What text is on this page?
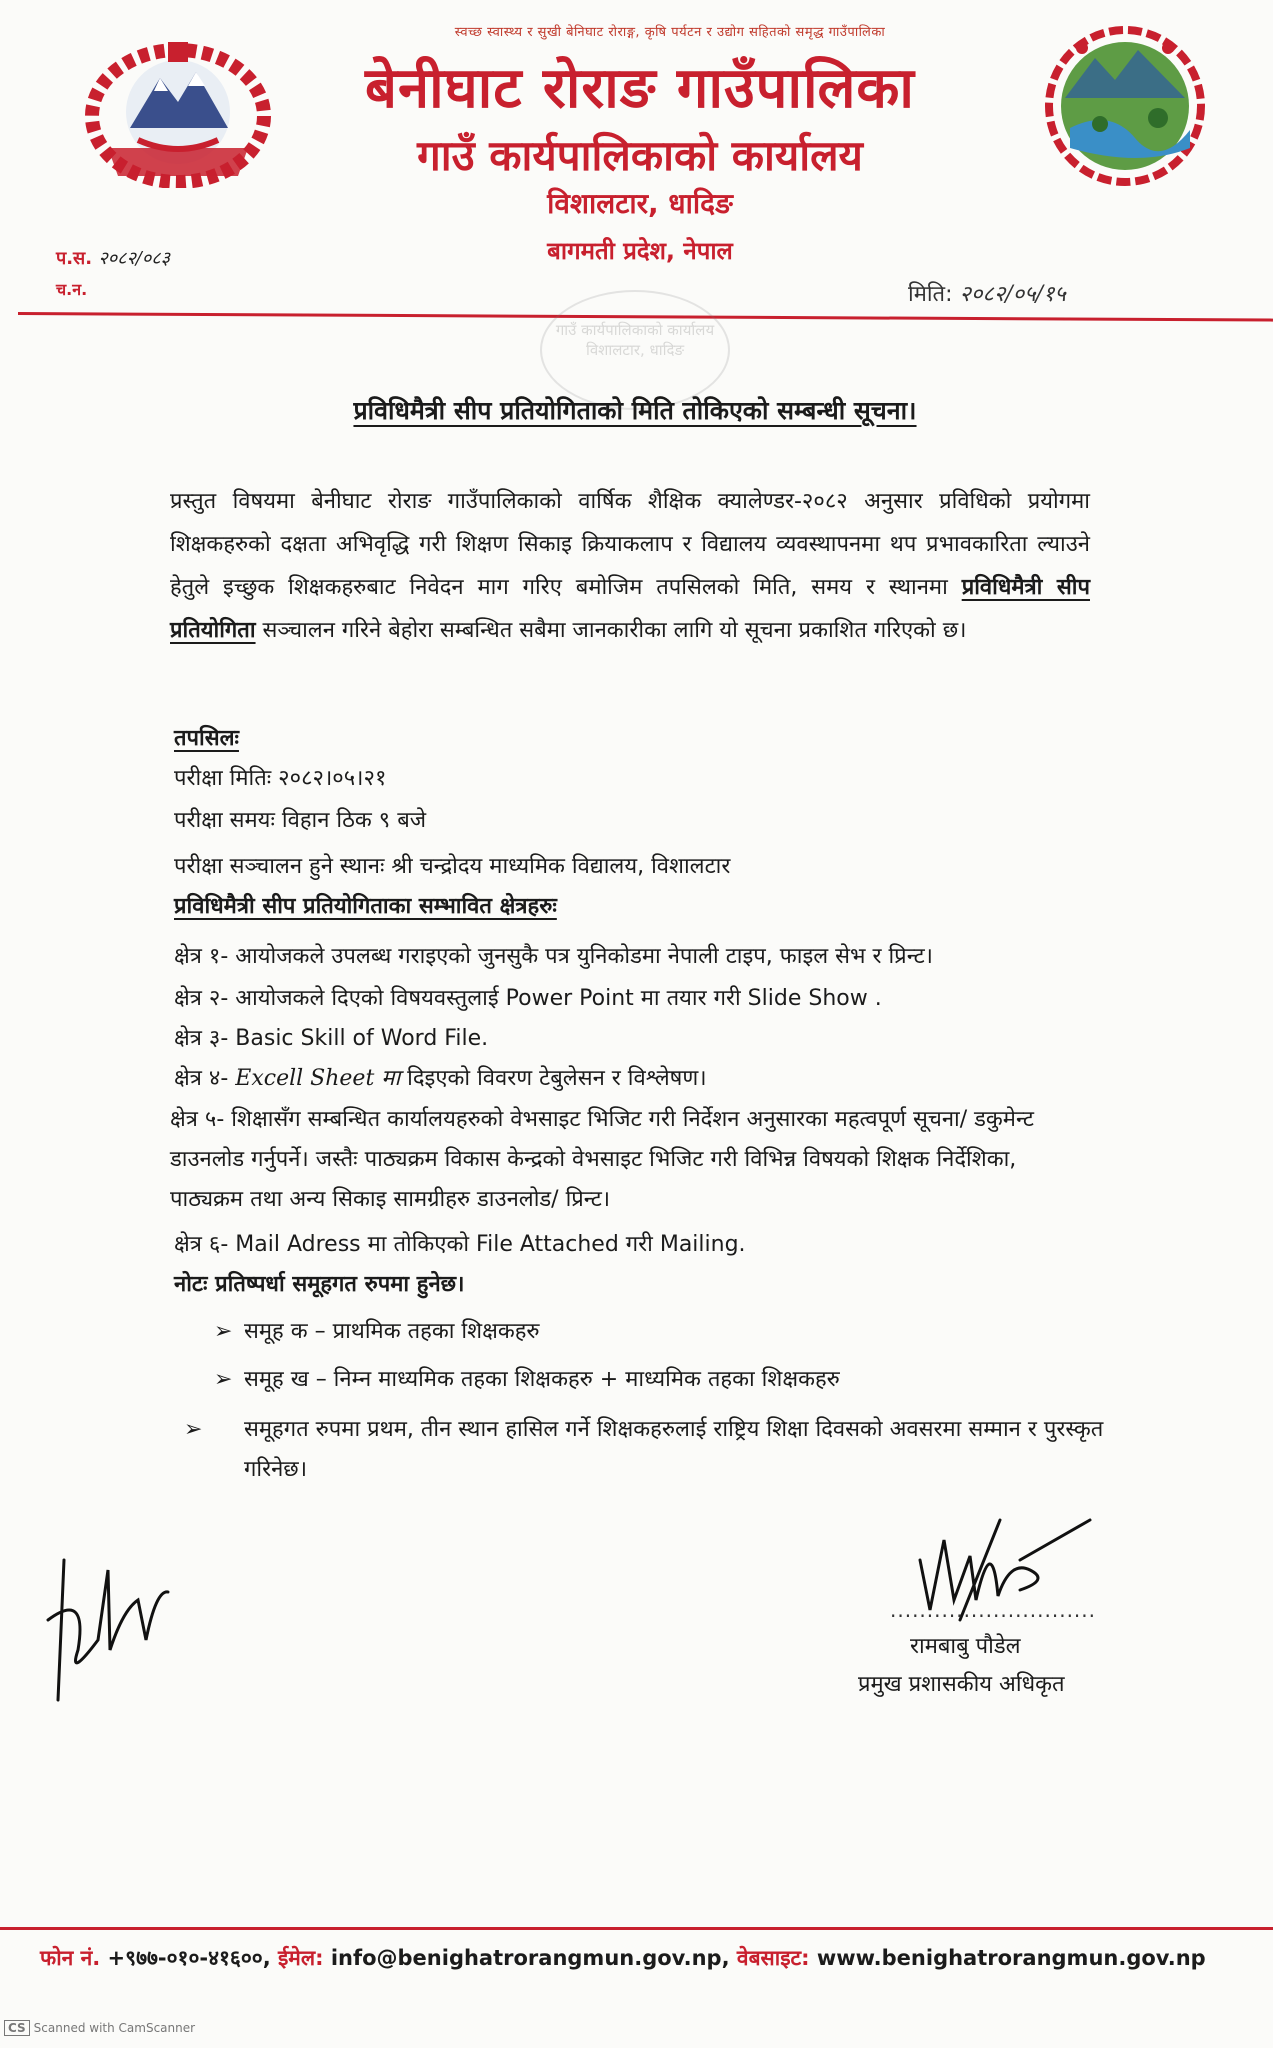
स्वच्छ स्वास्थ्य र सुखी बेनिघाट रोराङ्ग, कृषि पर्यटन र उद्योग सहितको समृद्ध गाउँपालिका
बेनीघाट रोराङ गाउँपालिका
गाउँ कार्यपालिकाको कार्यालय
विशालटार, धादिङ
बागमती प्रदेश, नेपाल
प.स. २०८२/०८३
च.न.	मिति: २०८२/०५/१५
गाउँ कार्यपालिकाको कार्यालय विशालटार, धादिङ
प्रविधिमैत्री सीप प्रतियोगिताको मिति तोकिएको सम्बन्धी सूचना।
प्रस्तुत विषयमा बेनीघाट रोराङ गाउँपालिकाको वार्षिक शैक्षिक क्यालेण्डर-२०८२ अनुसार प्रविधिको प्रयोगमा शिक्षकहरुको दक्षता अभिवृद्धि गरी शिक्षण सिकाइ क्रियाकलाप र विद्यालय व्यवस्थापनमा थप प्रभावकारिता ल्याउने हेतुले इच्छुक शिक्षकहरुबाट निवेदन माग गरिए बमोजिम तपसिलको मिति, समय र स्थानमा प्रविधिमैत्री सीप प्रतियोगिता सञ्चालन गरिने बेहोरा सम्बन्धित सबैमा जानकारीका लागि यो सूचना प्रकाशित गरिएको छ।
तपसिलः
परीक्षा मितिः २०८२।०५।२१
परीक्षा समयः विहान ठिक ९ बजे
परीक्षा सञ्चालन हुने स्थानः श्री चन्द्रोदय माध्यमिक विद्यालय, विशालटार
प्रविधिमैत्री सीप प्रतियोगिताका सम्भावित क्षेत्रहरुः
क्षेत्र १- आयोजकले उपलब्ध गराइएको जुनसुकै पत्र युनिकोडमा नेपाली टाइप, फाइल सेभ र प्रिन्ट।
क्षेत्र २- आयोजकले दिएको विषयवस्तुलाई Power Point मा तयार गरी Slide Show .
क्षेत्र ३- Basic Skill of Word File.
क्षेत्र ४- Excell Sheet मा दिइएको विवरण टेबुलेसन र विश्लेषण।
क्षेत्र ५- शिक्षासँग सम्बन्धित कार्यालयहरुको वेभसाइट भिजिट गरी निर्देशन अनुसारका महत्वपूर्ण सूचना/ डकुमेन्ट डाउनलोड गर्नुपर्ने। जस्तैः पाठ्यक्रम विकास केन्द्रको वेभसाइट भिजिट गरी विभिन्न विषयको शिक्षक निर्देशिका, पाठ्यक्रम तथा अन्य सिकाइ सामग्रीहरु डाउनलोड/ प्रिन्ट।
क्षेत्र ६- Mail Adress मा तोकिएको File Attached गरी Mailing.
नोटः प्रतिष्पर्धा समूहगत रुपमा हुनेछ।
➢ समूह क – प्राथमिक तहका शिक्षकहरु
➢ समूह ख – निम्न माध्यमिक तहका शिक्षकहरु + माध्यमिक तहका शिक्षकहरु
➢ समूहगत रुपमा प्रथम, तीन स्थान हासिल गर्ने शिक्षकहरुलाई राष्ट्रिय शिक्षा दिवसको अवसरमा सम्मान र पुरस्कृत गरिनेछ।
............................
रामबाबु पौडेल
प्रमुख प्रशासकीय अधिकृत
फोन नं. +९७७-०१०-४१६००, ईमेल: info@benighatrorangmun.gov.np, वेबसाइट: www.benighatrorangmun.gov.np
CS Scanned with CamScanner
